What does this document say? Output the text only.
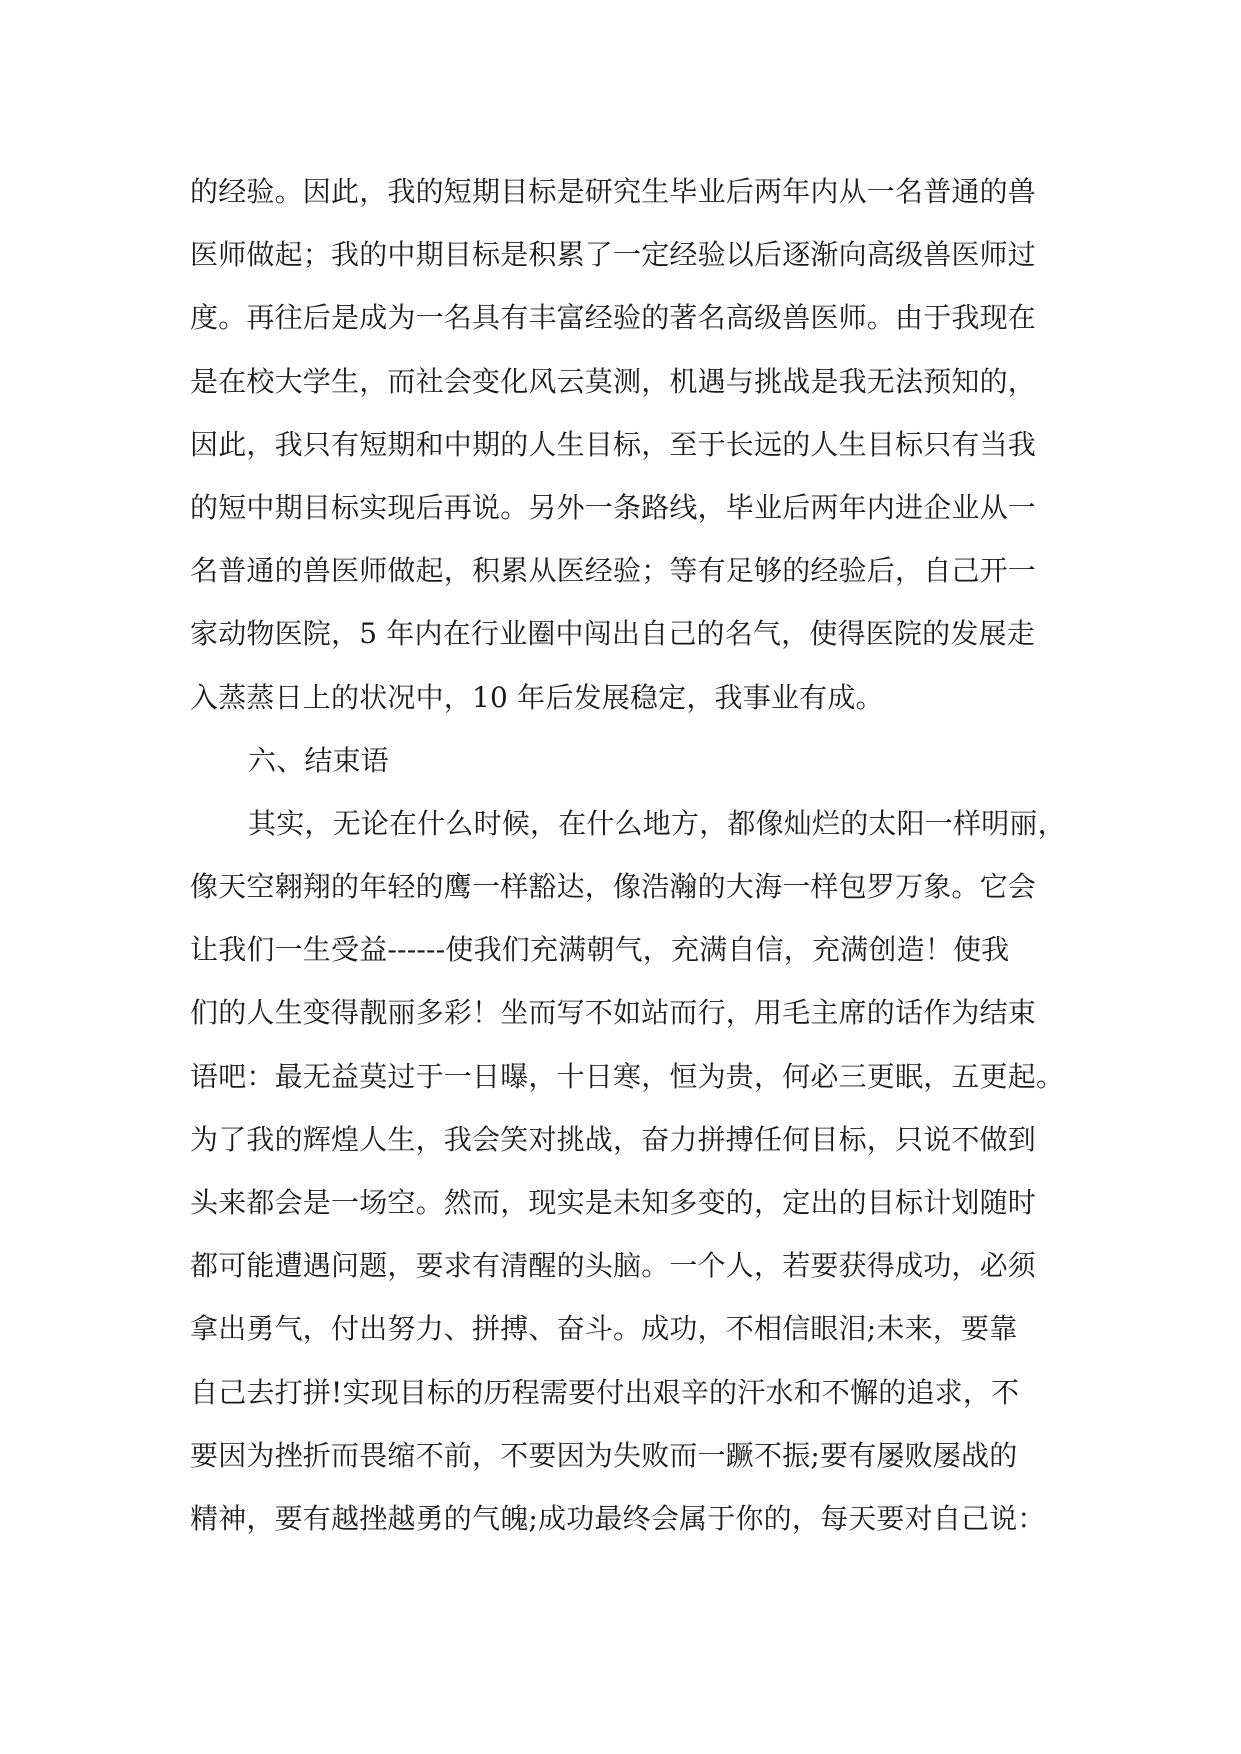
的经验。因此，我的短期目标是研究生毕业后两年内从一名普通的兽
医师做起；我的中期目标是积累了一定经验以后逐渐向高级兽医师过
度。再往后是成为一名具有丰富经验的著名高级兽医师。由于我现在
是在校大学生，而社会变化风云莫测，机遇与挑战是我无法预知的，
因此，我只有短期和中期的人生目标，至于长远的人生目标只有当我
的短中期目标实现后再说。另外一条路线，毕业后两年内进企业从一
名普通的兽医师做起，积累从医经验；等有足够的经验后，自己开一
家动物医院，5 年内在行业圈中闯出自己的名气，使得医院的发展走
入蒸蒸日上的状况中，10 年后发展稳定，我事业有成。
六、结束语
其实，无论在什么时候，在什么地方，都像灿烂的太阳一样明丽，
像天空翱翔的年轻的鹰一样豁达，像浩瀚的大海一样包罗万象。它会
让我们一生受益------使我们充满朝气，充满自信，充满创造！使我
们的人生变得靓丽多彩！坐而写不如站而行，用毛主席的话作为结束
语吧：最无益莫过于一日曝，十日寒，恒为贵，何必三更眠，五更起。
为了我的辉煌人生，我会笑对挑战，奋力拼搏任何目标，只说不做到
头来都会是一场空。然而，现实是未知多变的，定出的目标计划随时
都可能遭遇问题，要求有清醒的头脑。一个人，若要获得成功，必须
拿出勇气，付出努力、拼搏、奋斗。成功，不相信眼泪;未来，要靠
自己去打拼!实现目标的历程需要付出艰辛的汗水和不懈的追求，不
要因为挫折而畏缩不前，不要因为失败而一蹶不振;要有屡败屡战的
精神，要有越挫越勇的气魄;成功最终会属于你的，每天要对自己说：
